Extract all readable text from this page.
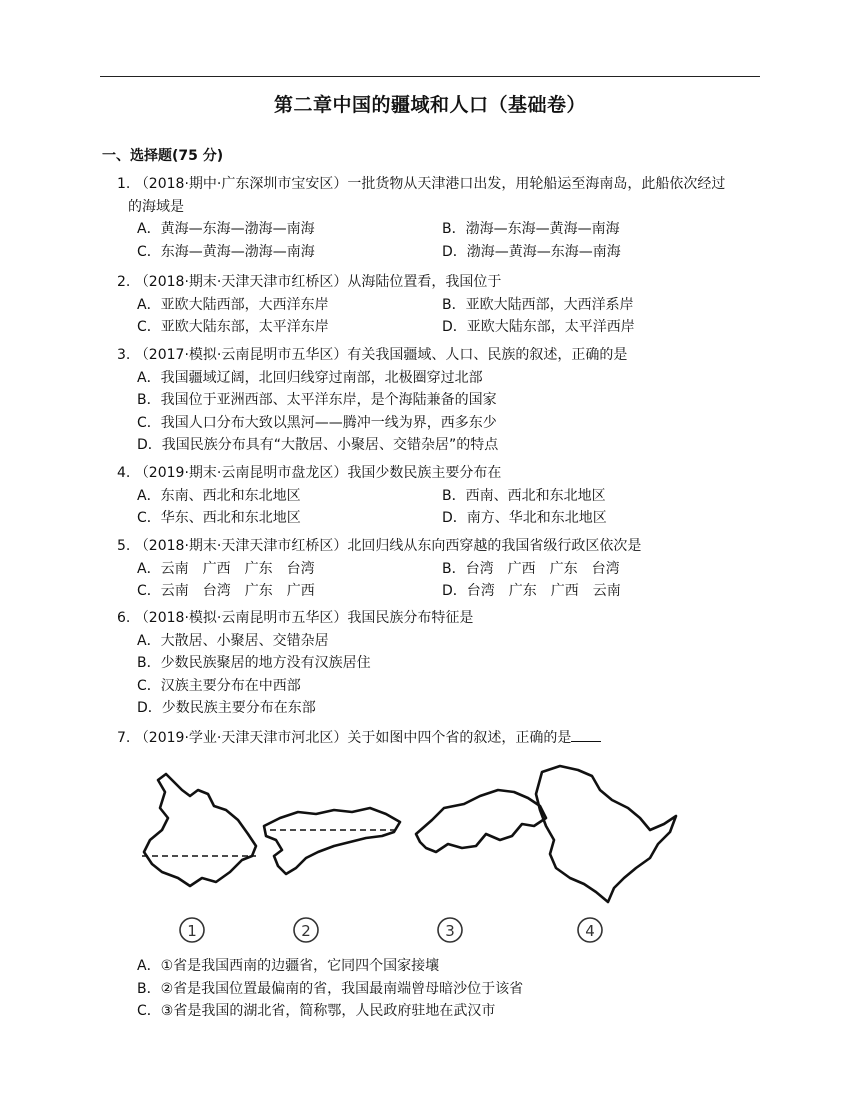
第二章中国的疆域和人口（基础卷）
一、选择题(75 分)
1. （2018·期中·广东深圳市宝安区）一批货物从天津港口出发，用轮船运至海南岛，此船依次经过
的海域是
A．黄海—东海—渤海—南海	B．渤海—东海—黄海—南海
C．东海—黄海—渤海—南海	D．渤海—黄海—东海—南海
2. （2018·期末·天津天津市红桥区）从海陆位置看，我国位于
A．亚欧大陆西部，大西洋东岸	B．亚欧大陆西部，大西洋系岸
C．亚欧大陆东部，太平洋东岸	D．亚欧大陆东部，太平洋西岸
3. （2017·模拟·云南昆明市五华区）有关我国疆域、人口、民族的叙述，正确的是
A．我国疆域辽阔，北回归线穿过南部，北极圈穿过北部
B．我国位于亚洲西部、太平洋东岸，是个海陆兼备的国家
C．我国人口分布大致以黑河——腾冲一线为界，西多东少
D．我国民族分布具有“大散居、小聚居、交错杂居”的特点
4. （2019·期末·云南昆明市盘龙区）我国少数民族主要分布在
A．东南、西北和东北地区	B．西南、西北和东北地区
C．华东、西北和东北地区	D．南方、华北和东北地区
5. （2018·期末·天津天津市红桥区）北回归线从东向西穿越的我国省级行政区依次是
A．云南　广西　广东　台湾	B．台湾　广西　广东　台湾
C．云南　台湾　广东　广西	D．台湾　广东　广西　云南
6. （2018·模拟·云南昆明市五华区）我国民族分布特征是
A．大散居、小聚居、交错杂居
B．少数民族聚居的地方没有汉族居住
C．汉族主要分布在中西部
D．少数民族主要分布在东部
7. （2019·学业·天津天津市河北区）关于如图中四个省的叙述，正确的是
1	2	3	4
A．①省是我国西南的边疆省，它同四个国家接壤
B．②省是我国位置最偏南的省，我国最南端曾母暗沙位于该省
C．③省是我国的湖北省，简称鄂，人民政府驻地在武汉市
